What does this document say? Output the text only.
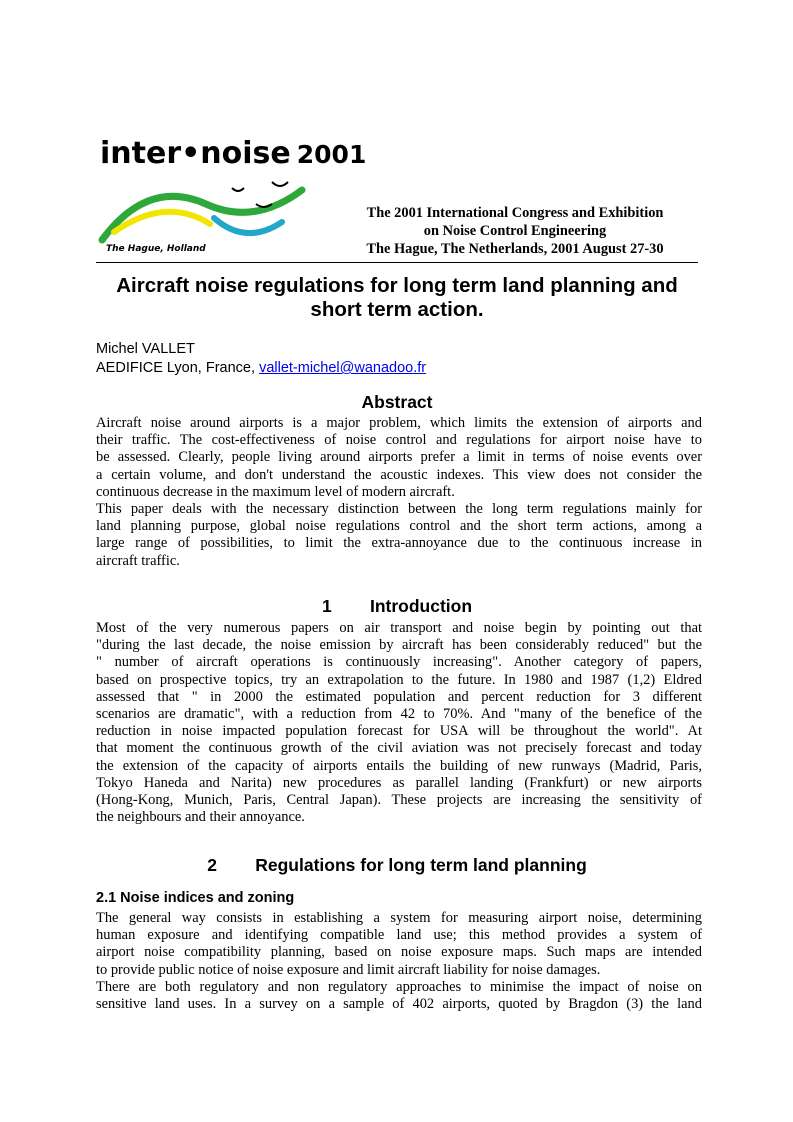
inter•noise 2001
The Hague, Holland
The 2001 International Congress and Exhibition
on Noise Control Engineering
The Hague, The Netherlands, 2001 August 27-30
Aircraft noise regulations for long term land planning and
short term action.
Michel VALLET
AEDIFICE Lyon, France, vallet-michel@wanadoo.fr
Abstract
Aircraft noise around airports is a major problem, which limits the extension of airports and
their traffic. The cost-effectiveness of noise control and regulations for airport noise have to
be assessed. Clearly, people living around airports prefer a limit in terms of noise events over
a certain volume, and don't understand the acoustic indexes. This view does not consider the
continuous decrease in the maximum level of modern aircraft.
This paper deals with the necessary distinction between the long term regulations mainly for
land planning purpose, global noise regulations control and the short term actions, among a
large range of possibilities, to limit the extra-annoyance due to the continuous increase in
aircraft traffic.
1 Introduction
Most of the very numerous papers on air transport and noise begin by pointing out that
"during the last decade, the noise emission by aircraft has been considerably reduced" but the
" number of aircraft operations is continuously increasing". Another category of papers,
based on prospective topics, try an extrapolation to the future. In 1980 and 1987 (1,2) Eldred
assessed that " in 2000 the estimated population and percent reduction for 3 different
scenarios are dramatic", with a reduction from 42 to 70%. And "many of the benefice of the
reduction in noise impacted population forecast for USA will be throughout the world". At
that moment the continuous growth of the civil aviation was not precisely forecast and today
the extension of the capacity of airports entails the building of new runways (Madrid, Paris,
Tokyo Haneda and Narita) new procedures as parallel landing (Frankfurt) or new airports
(Hong-Kong, Munich, Paris, Central Japan). These projects are increasing the sensitivity of
the neighbours and their annoyance.
2 Regulations for long term land planning
2.1 Noise indices and zoning
The general way consists in establishing a system for measuring airport noise, determining
human exposure and identifying compatible land use; this method provides a system of
airport noise compatibility planning, based on noise exposure maps. Such maps are intended
to provide public notice of noise exposure and limit aircraft liability for noise damages.
There are both regulatory and non regulatory approaches to minimise the impact of noise on
sensitive land uses. In a survey on a sample of 402 airports, quoted by Bragdon (3) the land
